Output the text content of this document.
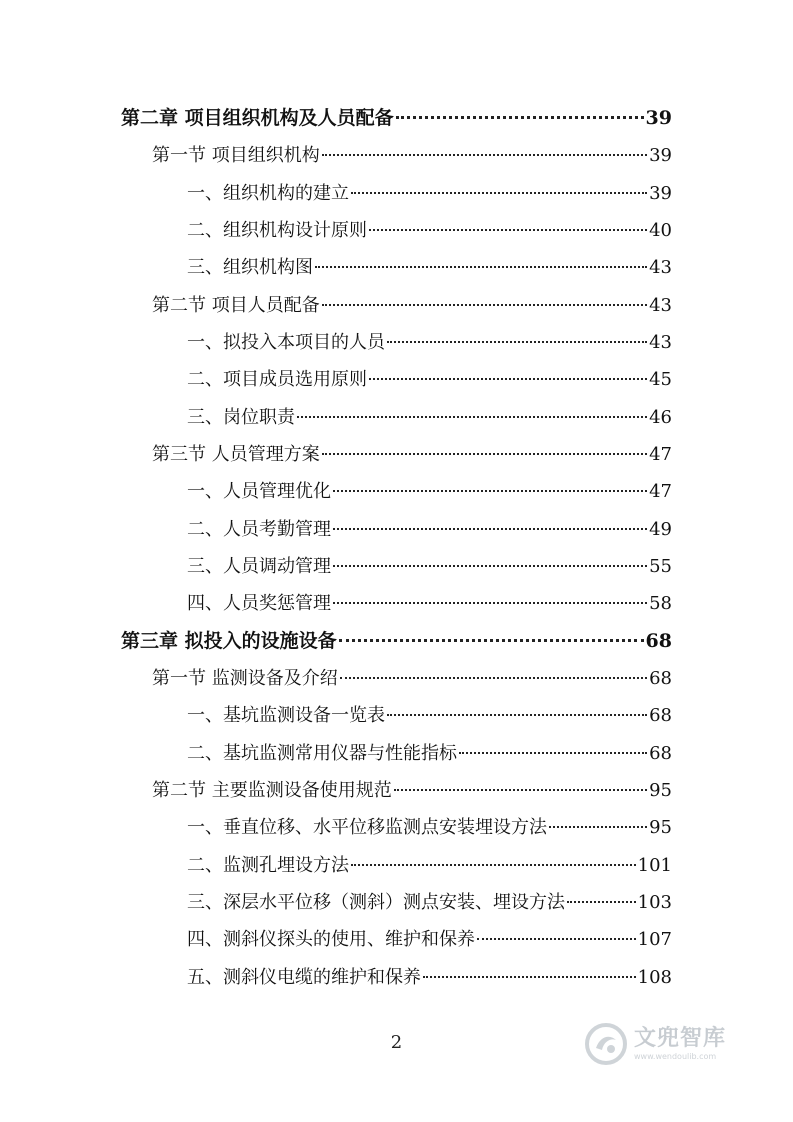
第二章 项目组织机构及人员配备	39
第一节 项目组织机构	39
一、组织机构的建立	39
二、组织机构设计原则	40
三、组织机构图	43
第二节 项目人员配备	43
一、拟投入本项目的人员	43
二、项目成员选用原则	45
三、岗位职责	46
第三节 人员管理方案	47
一、人员管理优化	47
二、人员考勤管理	49
三、人员调动管理	55
四、人员奖惩管理	58
第三章 拟投入的设施设备	68
第一节 监测设备及介绍	68
一、基坑监测设备一览表	68
二、基坑监测常用仪器与性能指标	68
第二节 主要监测设备使用规范	95
一、垂直位移、水平位移监测点安装埋设方法	95
二、监测孔埋设方法	101
三、深层水平位移（测斜）测点安装、埋设方法	103
四、测斜仪探头的使用、维护和保养	107
五、测斜仪电缆的维护和保养	108
2	文兜智库
www.wendoulib.com
